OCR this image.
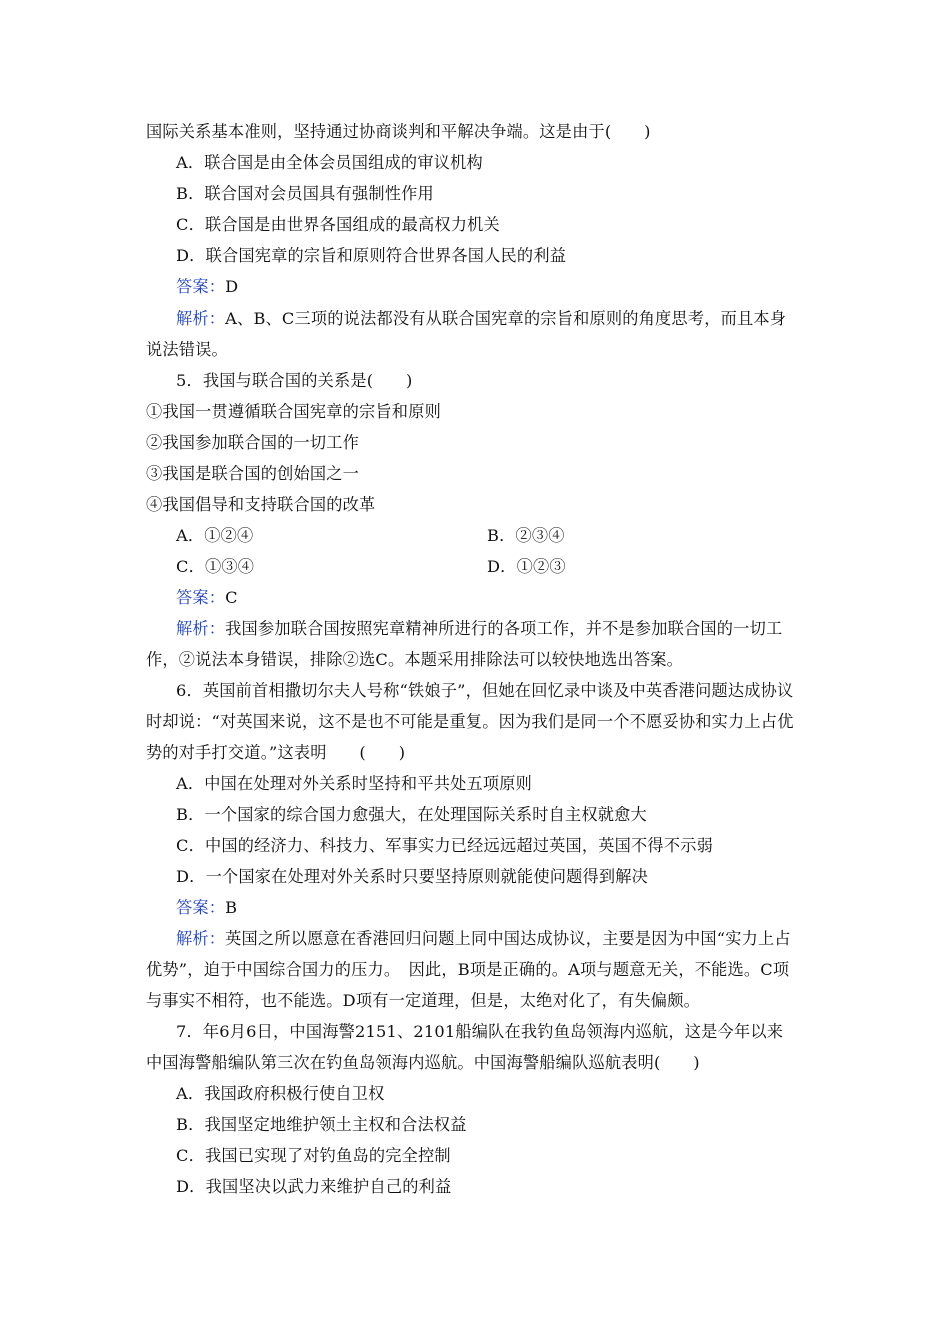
国际关系基本准则，坚持通过协商谈判和平解决争端。这是由于(　　)
A．联合国是由全体会员国组成的审议机构
B．联合国对会员国具有强制性作用
C．联合国是由世界各国组成的最高权力机关
D．联合国宪章的宗旨和原则符合世界各国人民的利益
答案：D
解析：A、B、C三项的说法都没有从联合国宪章的宗旨和原则的角度思考，而且本身
说法错误。
5．我国与联合国的关系是(　　)
①我国一贯遵循联合国宪章的宗旨和原则
②我国参加联合国的一切工作
③我国是联合国的创始国之一
④我国倡导和支持联合国的改革
A．①②④	B．②③④
C．①③④	D．①②③
答案：C
解析：我国参加联合国按照宪章精神所进行的各项工作，并不是参加联合国的一切工
作，②说法本身错误，排除②选C。本题采用排除法可以较快地选出答案。
6．英国前首相撒切尔夫人号称“铁娘子”，但她在回忆录中谈及中英香港问题达成协议
时却说：“对英国来说，这不是也不可能是重复。因为我们是同一个不愿妥协和实力上占优
势的对手打交道。”这表明　　(　　)
A．中国在处理对外关系时坚持和平共处五项原则
B．一个国家的综合国力愈强大，在处理国际关系时自主权就愈大
C．中国的经济力、科技力、军事实力已经远远超过英国，英国不得不示弱
D．一个国家在处理对外关系时只要坚持原则就能使问题得到解决
答案：B
解析：英国之所以愿意在香港回归问题上同中国达成协议，主要是因为中国“实力上占
优势”，迫于中国综合国力的压力。　因此，B项是正确的。A项与题意无关，不能选。C项
与事实不相符，也不能选。D项有一定道理，但是，太绝对化了，有失偏颇。
7．年6月6日，中国海警2151、2101船编队在我钓鱼岛领海内巡航，这是今年以来
中国海警船编队第三次在钓鱼岛领海内巡航。中国海警船编队巡航表明(　　)
A．我国政府积极行使自卫权
B．我国坚定地维护领土主权和合法权益
C．我国已实现了对钓鱼岛的完全控制
D．我国坚决以武力来维护自己的利益
